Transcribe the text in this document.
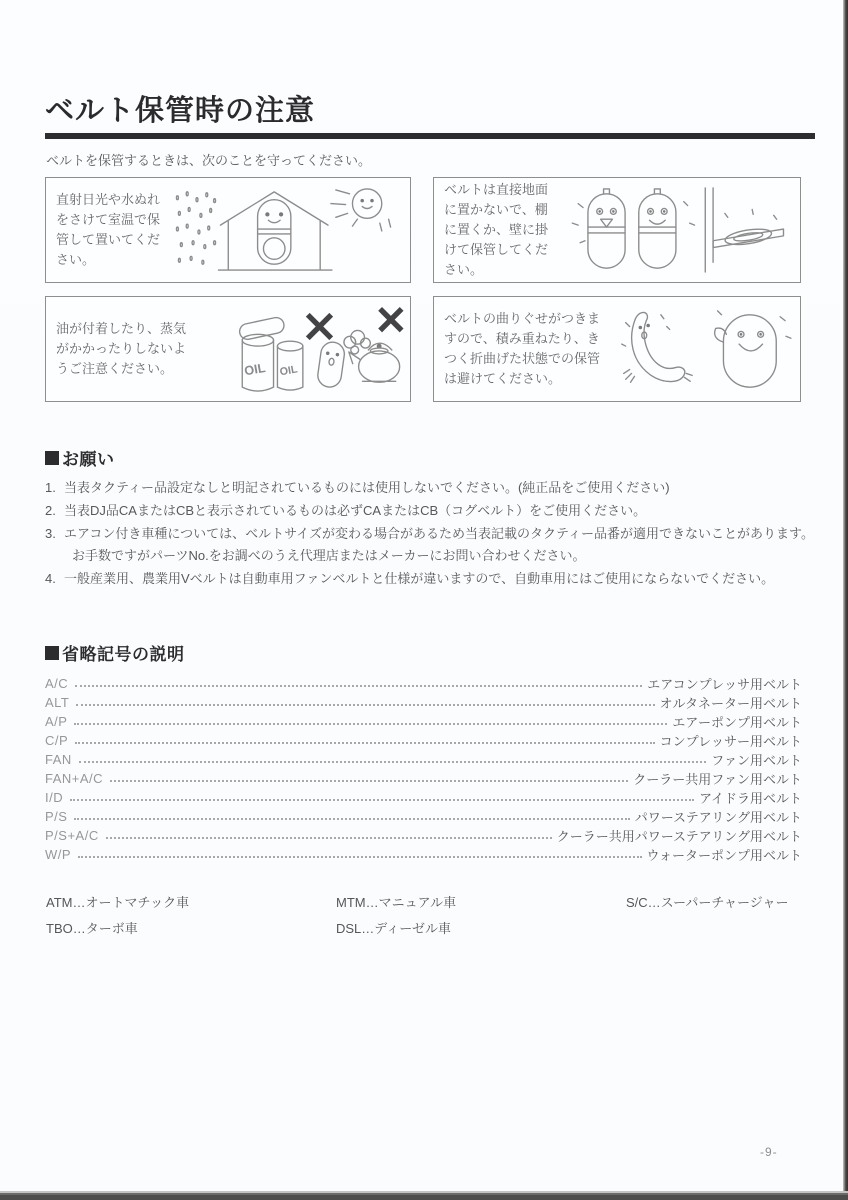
ベルト保管時の注意

ベルトを保管するときは、次のことを守ってください。

直射日光や水ぬれをさけて室温で保管して置いてください。

ベルトは直接地面に置かないで、棚に置くか、壁に掛けて保管してください。

油が付着したり、蒸気がかかったりしないようご注意ください。	OIL OIL

ベルトの曲りぐせがつきますので、積み重ねたり、きつく折曲げた状態での保管は避けてください。

お願い
1. 当表タクティー品設定なしと明記されているものには使用しないでください。(純正品をご使用ください)
2. 当表DJ品CAまたはCBと表示されているものは必ずCAまたはCB（コグベルト）をご使用ください。
3. エアコン付き車種については、ベルトサイズが変わる場合があるため当表記載のタクティー品番が適用できないことがあります。
お手数ですがパーツNo.をお調べのうえ代理店またはメーカーにお問い合わせください。
4. 一般産業用、農業用Vベルトは自動車用ファンベルトと仕様が違いますので、自動車用にはご使用にならないでください。
省略記号の説明
A/C	エアコンプレッサ用ベルト
ALT	オルタネーター用ベルト
A/P	エアーポンプ用ベルト
C/P	コンプレッサー用ベルト
FAN	ファン用ベルト
FAN+A/C	クーラー共用ファン用ベルト
I/D	アイドラ用ベルト
P/S	パワーステアリング用ベルト
P/S+A/C	クーラー共用パワーステアリング用ベルト
W/P	ウォーターポンプ用ベルト
ATM…オートマチック車	MTM…マニュアル車	S/C…スーパーチャージャー
TBO…ターボ車	DSL…ディーゼル車
-9-
